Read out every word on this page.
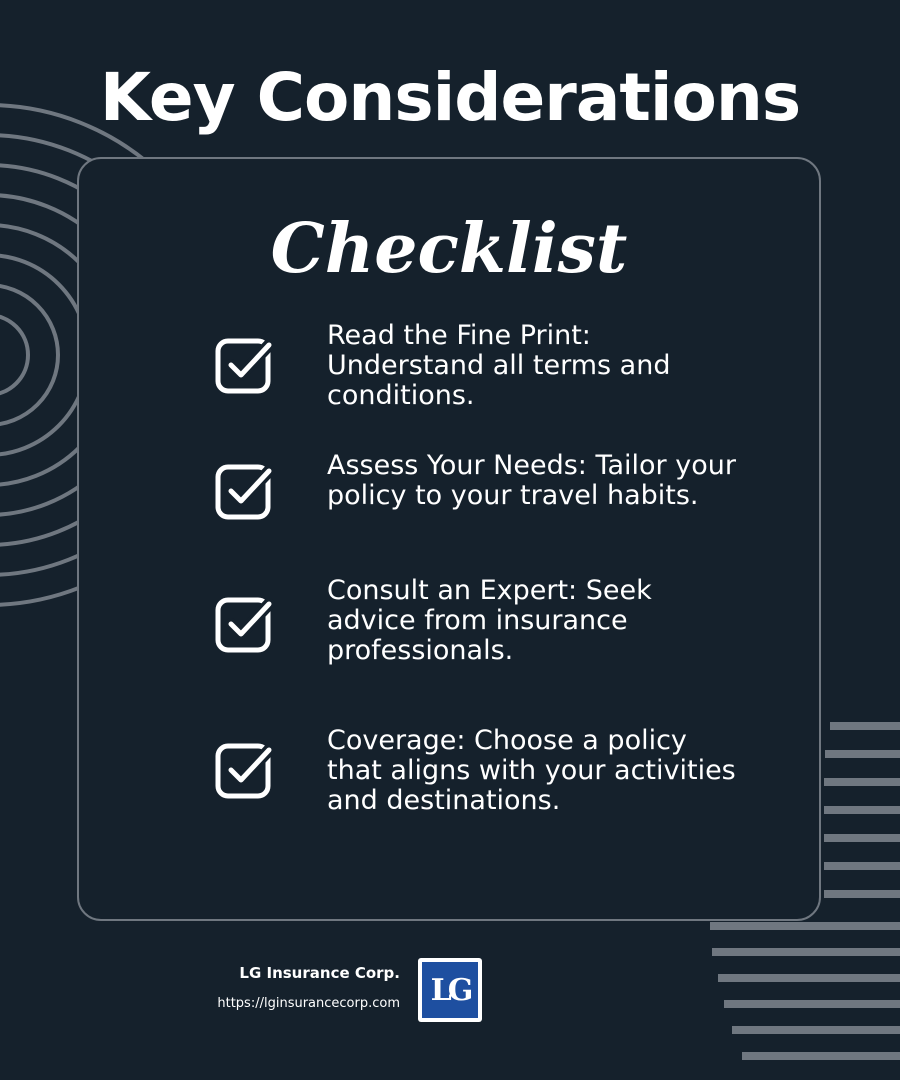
Key Considerations
Checklist
Read the Fine Print: Understand all terms and conditions.
Assess Your Needs: Tailor your policy to your travel habits.
Consult an Expert: Seek advice from insurance professionals.
Coverage: Choose a policy that aligns with your activities and destinations.
LG Insurance Corp.
https://lginsurancecorp.com LG
